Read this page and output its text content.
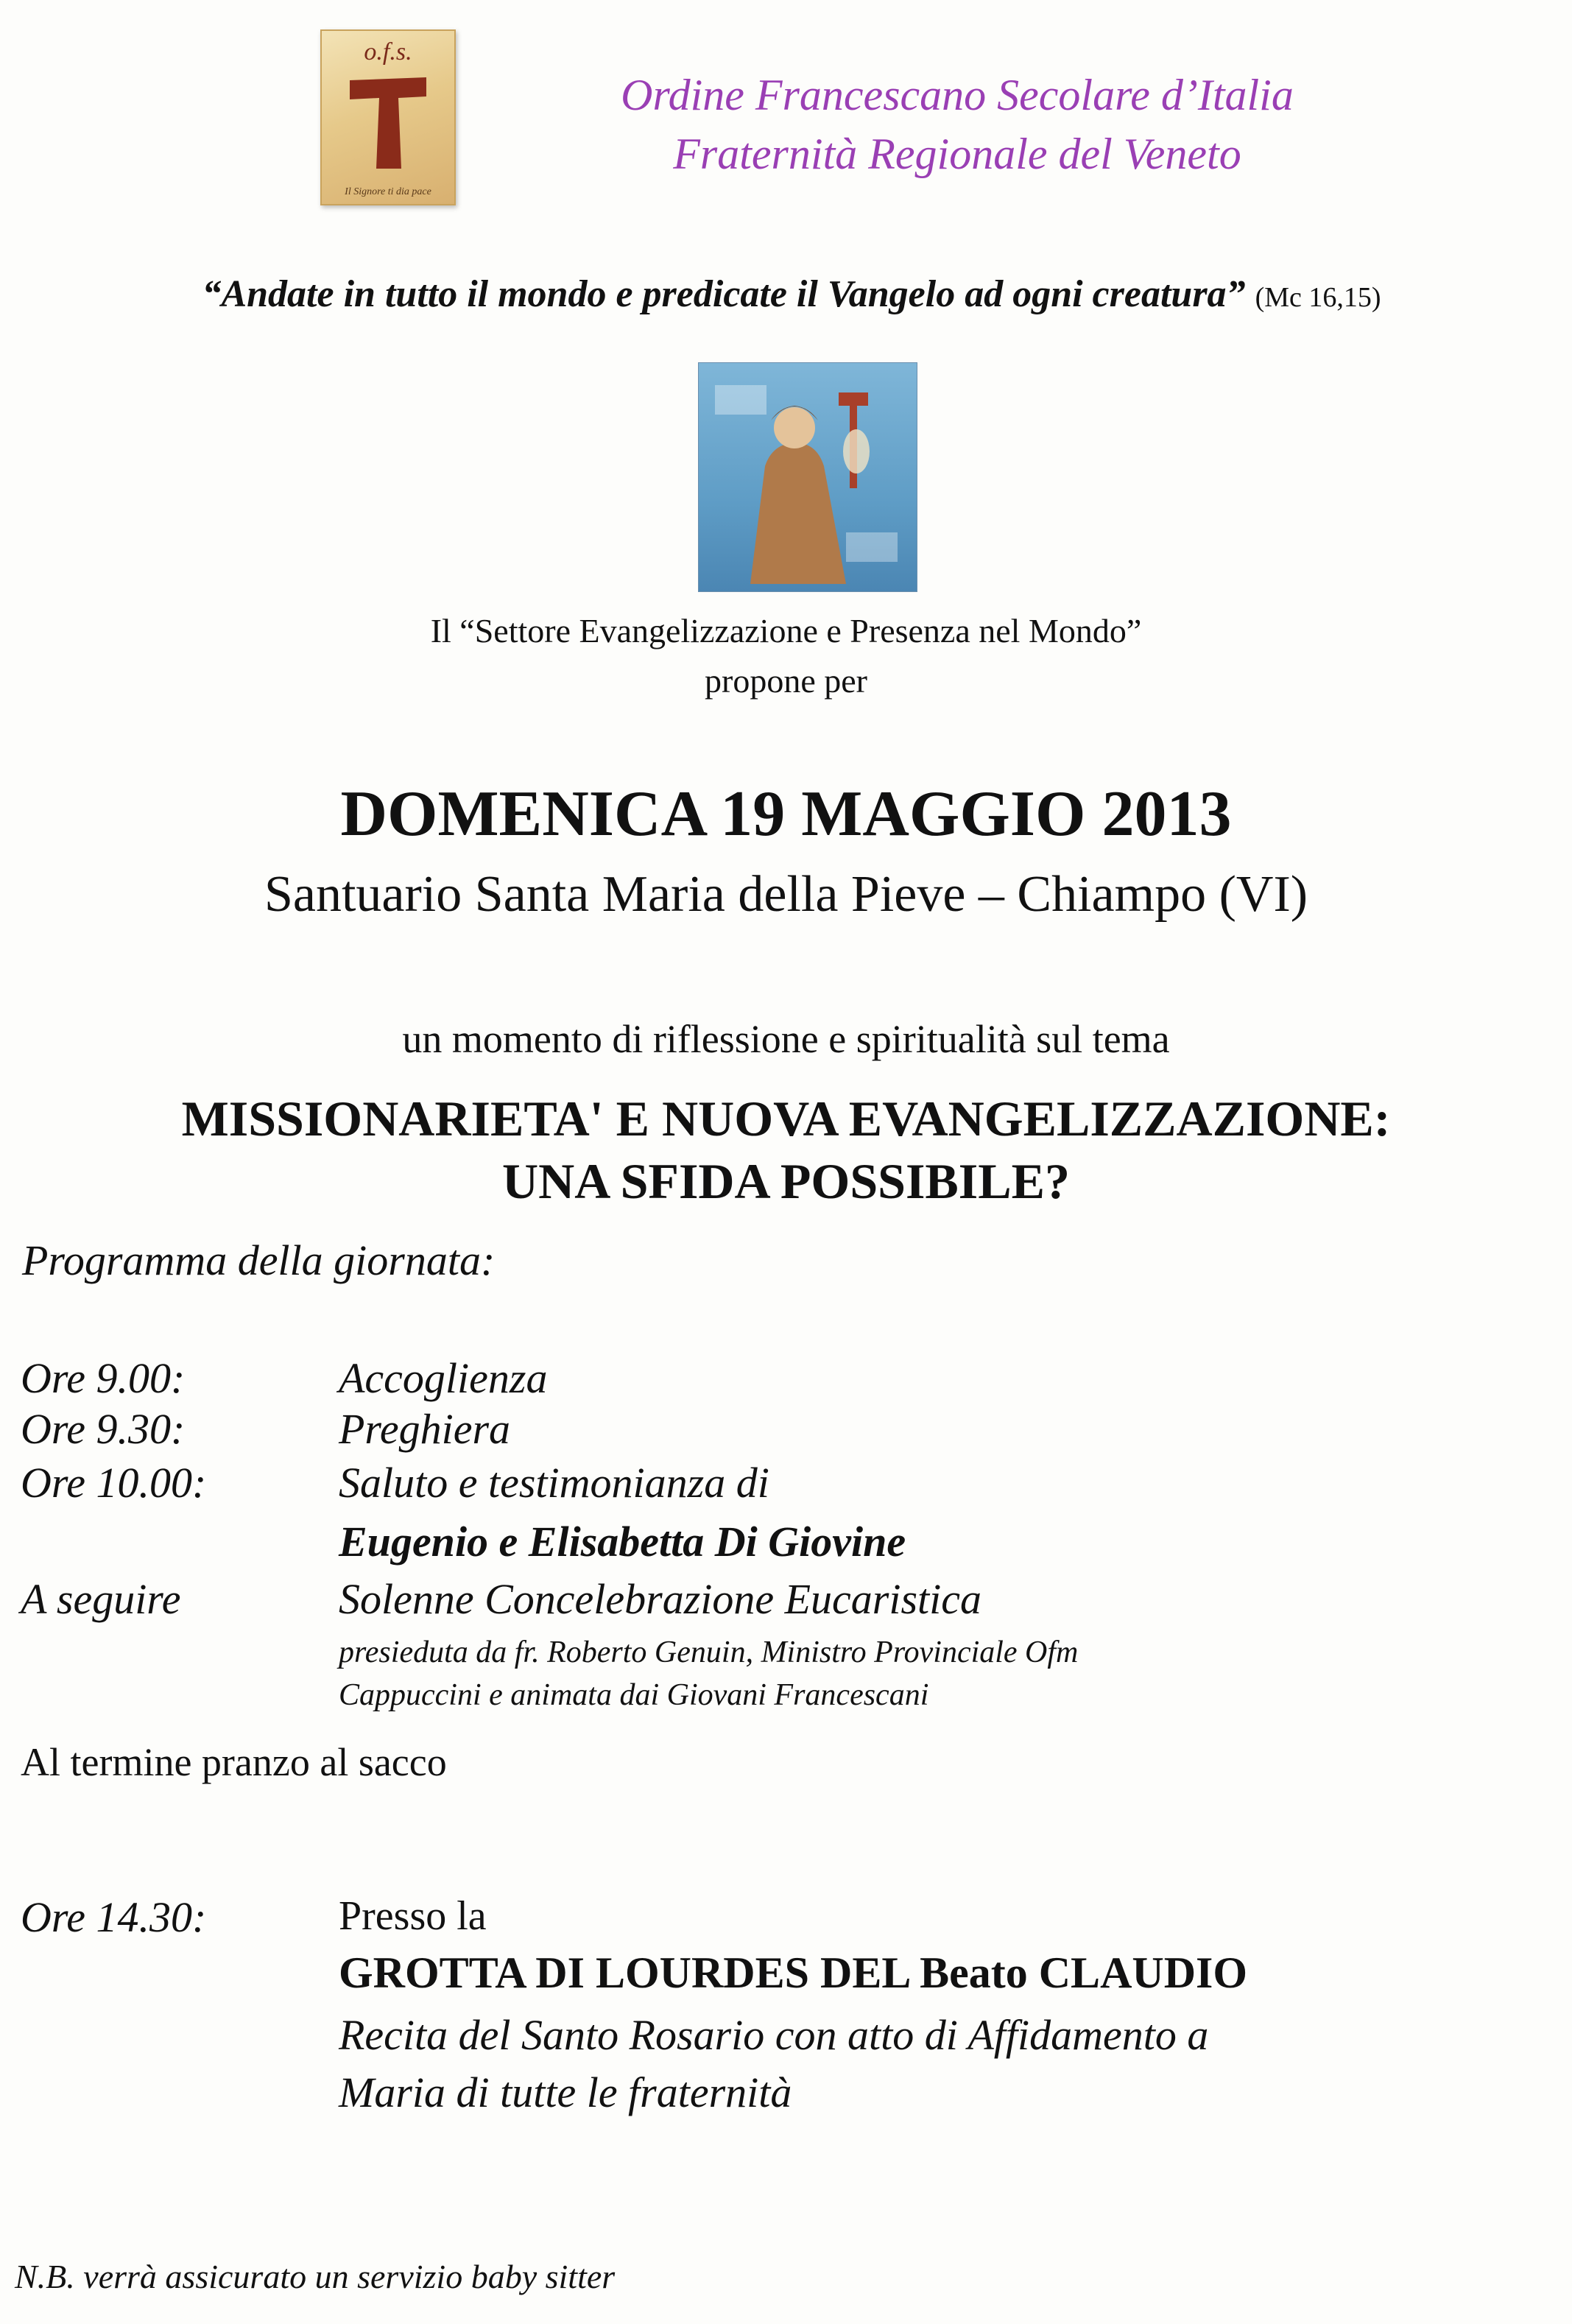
o.f.s.
Il Signore ti dia pace
Ordine Francescano Secolare d’Italia
Fraternità Regionale del Veneto
“Andate in tutto il mondo e predicate il Vangelo ad ogni creatura” (Mc 16,15)
Il “Settore Evangelizzazione e Presenza nel Mondo”
propone per
DOMENICA 19 MAGGIO 2013
Santuario Santa Maria della Pieve – Chiampo (VI)
un momento di riflessione e spiritualità sul tema
MISSIONARIETA' E NUOVA EVANGELIZZAZIONE:
UNA SFIDA POSSIBILE?
Programma della giornata:
Ore 9.00:	Accoglienza
Ore 9.30:	Preghiera
Ore 10.00:	Saluto e testimonianza di
Eugenio e Elisabetta Di Giovine
A seguire	Solenne Concelebrazione Eucaristica
presieduta da fr. Roberto Genuin, Ministro Provinciale Ofm
Cappuccini e animata dai Giovani Francescani
Al termine pranzo al sacco
Ore 14.30:	Presso la
GROTTA DI LOURDES DEL Beato CLAUDIO
Recita del Santo Rosario con atto di Affidamento a
Maria di tutte le fraternità
N.B. verrà assicurato un servizio baby sitter
